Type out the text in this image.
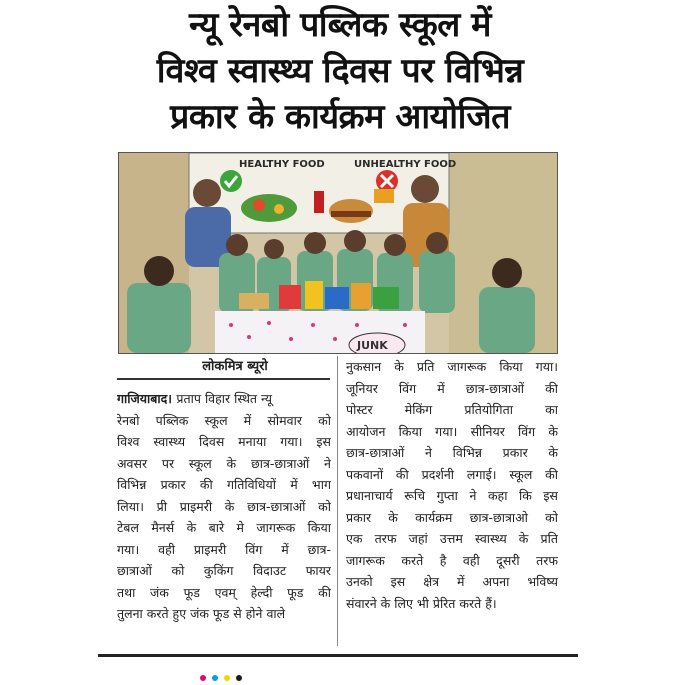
न्यू रेनबो पब्लिक स्कूल में
विश्व स्वास्थ्य दिवस पर विभिन्न
प्रकार के कार्यक्रम आयोजित
HEALTHY FOOD	UNHEALTHY FOOD
JUNK
लोकमित्र ब्यूरो
गाजियाबाद। प्रताप विहार स्थित न्यू
रेनबो पब्लिक स्कूल में सोमवार को
विश्व स्वास्थ्य दिवस मनाया गया। इस
अवसर पर स्कूल के छात्र-छात्राओं ने
विभिन्न प्रकार की गतिविधियों में भाग
लिया। प्री प्राइमरी के छात्र-छात्राओं को
टेबल मैनर्स के बारे मे जागरूक किया
गया। वही प्राइमरी विंग में छात्र-
छात्राओं को कुकिंग विदाउट फायर
तथा जंक फूड एवम् हेल्दी फूड की
तुलना करते हुए जंक फूड से होने वाले
नुकसान के प्रति जागरूक किया गया।
जूनियर विंग में छात्र-छात्राओं की
पोस्टर मेकिंग प्रतियोगिता का
आयोजन किया गया। सीनियर विंग के
छात्र-छात्राओं ने विभिन्न प्रकार के
पकवानों की प्रदर्शनी लगाई। स्कूल की
प्रधानाचार्य रूचि गुप्ता ने कहा कि इस
प्रकार के कार्यक्रम छात्र-छात्राओ को
एक तरफ जहां उत्तम स्वास्थ्य के प्रति
जागरूक करते है वही दूसरी तरफ
उनको इस क्षेत्र में अपना भविष्य
संवारने के लिए भी प्रेरित करते हैं।
